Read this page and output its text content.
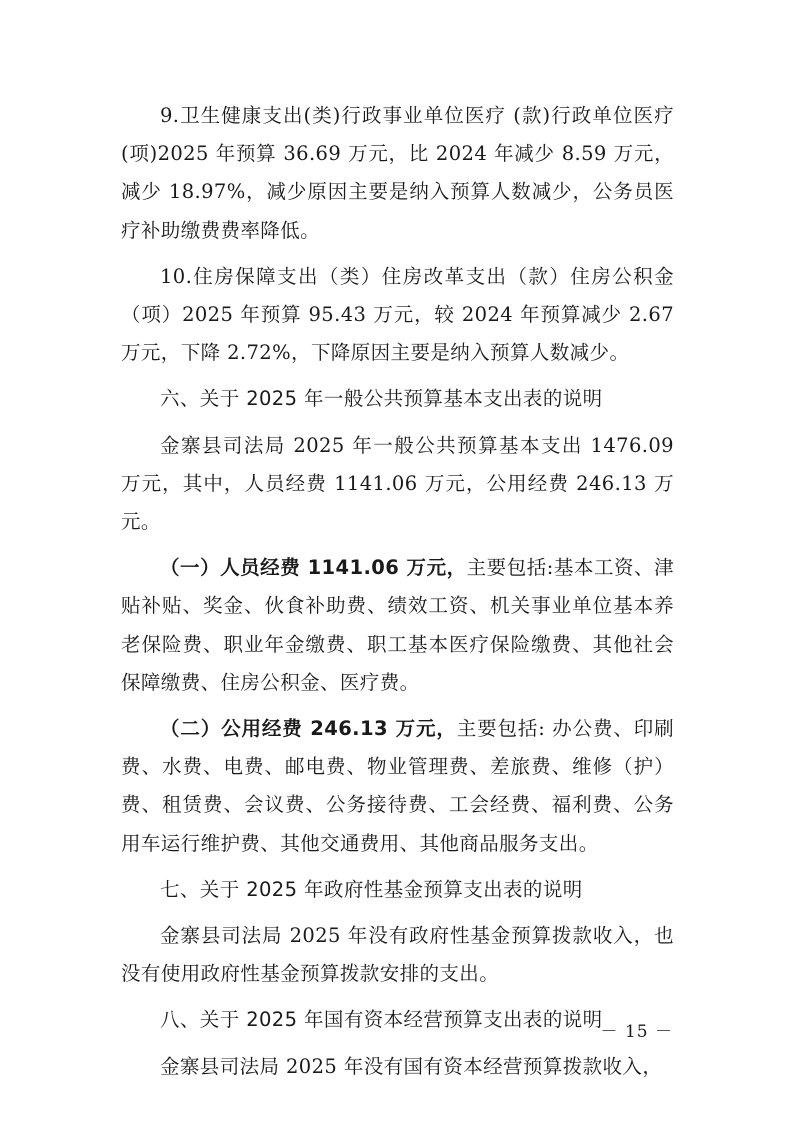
9.卫生健康支出(类)行政事业单位医疗 (款)行政单位医疗(项)2025 年预算 36.69 万元，比 2024 年减少 8.59 万元，减少 18.97%，减少原因主要是纳入预算人数减少，公务员医疗补助缴费费率降低。

10.住房保障支出（类）住房改革支出（款）住房公积金（项）2025 年预算 95.43 万元，较 2024 年预算减少 2.67 万元，下降 2.72%，下降原因主要是纳入预算人数减少。

六、关于 2025 年一般公共预算基本支出表的说明

金寨县司法局 2025 年一般公共预算基本支出 1476.09 万元，其中，人员经费 1141.06 万元，公用经费 246.13 万元。

（一）人员经费 1141.06 万元，主要包括:基本工资、津贴补贴、奖金、伙食补助费、绩效工资、机关事业单位基本养老保险费、职业年金缴费、职工基本医疗保险缴费、其他社会保障缴费、住房公积金、医疗费。

（二）公用经费 246.13 万元，主要包括: 办公费、印刷费、水费、电费、邮电费、物业管理费、差旅费、维修（护）费、租赁费、会议费、公务接待费、工会经费、福利费、公务用车运行维护费、其他交通费用、其他商品服务支出。

七、关于 2025 年政府性基金预算支出表的说明

金寨县司法局 2025 年没有政府性基金预算拨款收入，也没有使用政府性基金预算拨款安排的支出。

八、关于 2025 年国有资本经营预算支出表的说明

金寨县司法局 2025 年没有国有资本经营预算拨款收入，

－ 15 －
